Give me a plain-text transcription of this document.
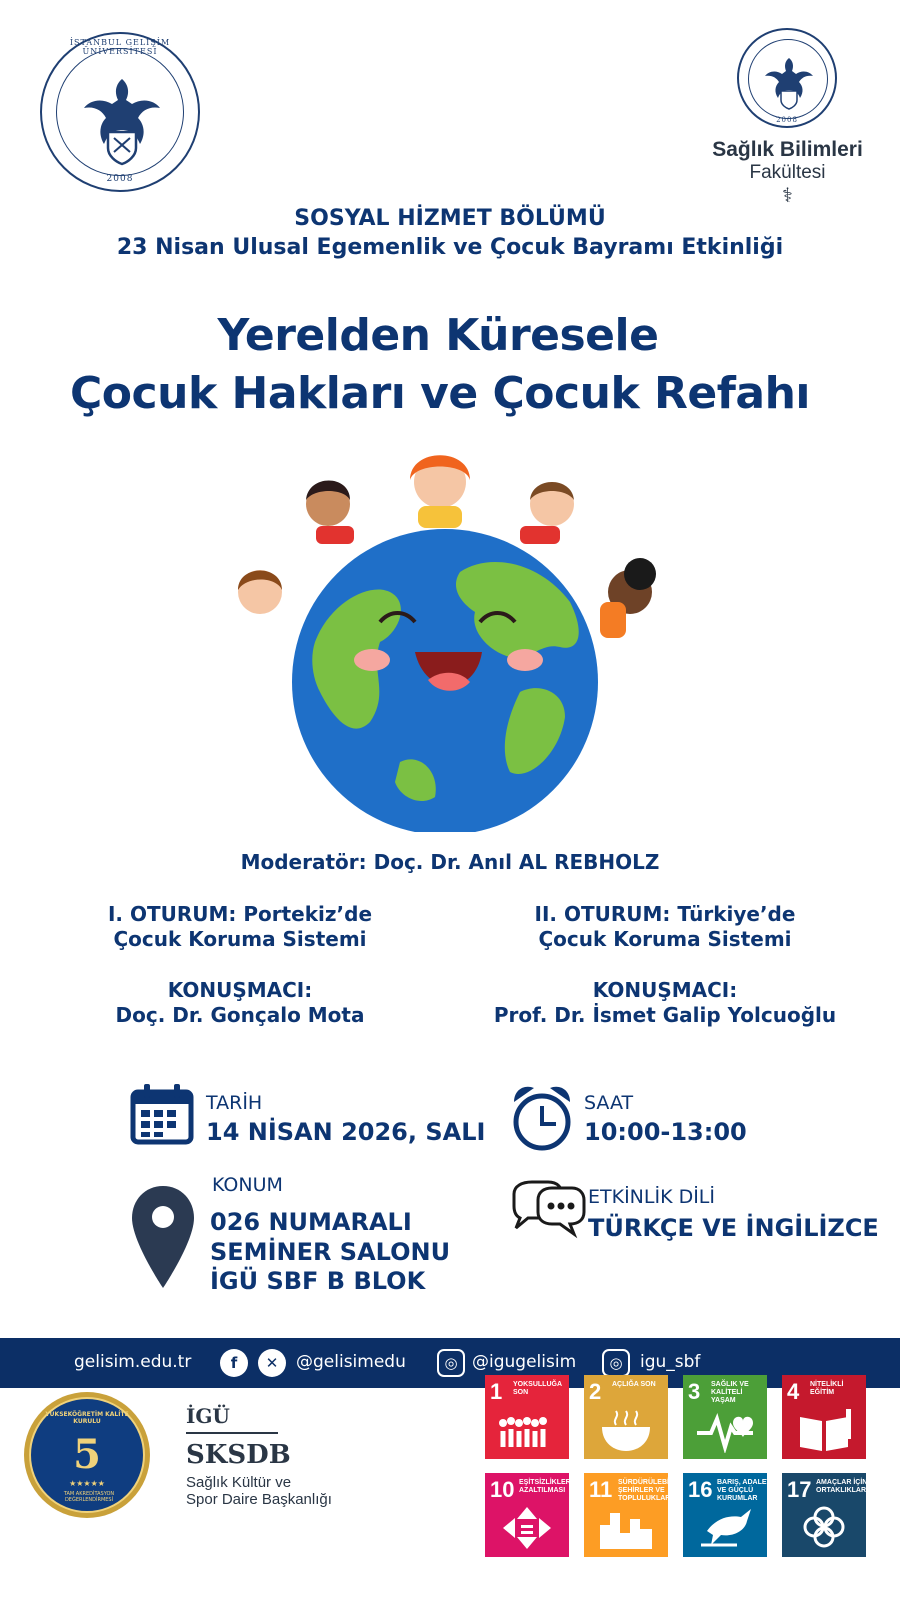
İSTANBUL GELİŞİM ÜNİVERSİTESİ
2008
2008
Sağlık Bilimleri
Fakültesi
⚕
SOSYAL HİZMET BÖLÜMÜ
23 Nisan Ulusal Egemenlik ve Çocuk Bayramı Etkinliği
Yerelden Küresele
Çocuk Hakları ve Çocuk Refahı
Moderatör: Doç. Dr. Anıl AL REBHOLZ
I. OTURUM: Portekiz’de
Çocuk Koruma Sistemi
KONUŞMACI:
Doç. Dr. Gonçalo Mota
II. OTURUM: Türkiye’de
Çocuk Koruma Sistemi
KONUŞMACI:
Prof. Dr. İsmet Galip Yolcuoğlu
TARİH
14 NİSAN 2026, SALI
SAAT
10:00-13:00
KONUM
026 NUMARALI
SEMİNER SALONU
İGÜ SBF B BLOK
ETKİNLİK DİLİ
TÜRKÇE VE İNGİLİZCE
gelisim.edu.tr	f	✕	@gelisimedu	◎ @igugelisim	◎	igu_sbf
YÜKSEKÖĞRETİM KALİTE KURULU
5
★★★★★
TAM AKREDİTASYON DEĞERLENDİRMESİ
İGÜ
SKSDB
Sağlık Kültür ve
Spor Daire Başkanlığı
1 YOKSULLUĞA SON	2 AÇLIĞA SON	3 SAĞLIK VE KALİTELİ YAŞAM	4 NİTELİKLİ EĞİTİM
10 EŞİTSİZLİKLERİN AZALTILMASI	11 SÜRDÜRÜLEBİLİR ŞEHİRLER VE TOPLULUKLAR 16 BARIŞ, ADALET VE GÜÇLÜ KURUMLAR	17 AMAÇLAR İÇİN ORTAKLIKLAR
